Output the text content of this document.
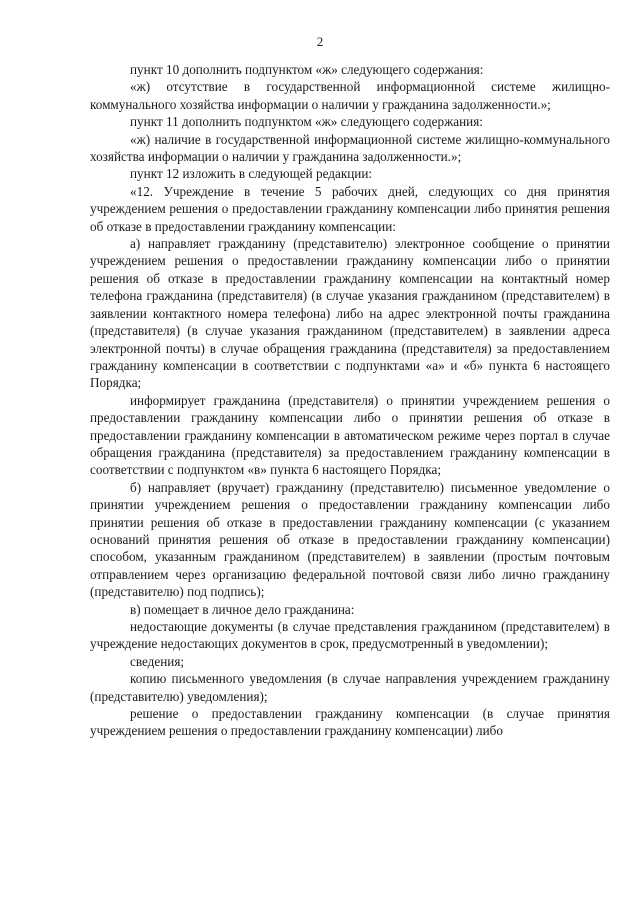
2

пункт 10 дополнить подпунктом «ж» следующего содержания:

«ж) отсутствие в государственной информационной системе жилищно-коммунального хозяйства информации о наличии у гражданина задолженности.»;

пункт 11 дополнить подпунктом «ж» следующего содержания:

«ж) наличие в государственной информационной системе жилищно-коммунального хозяйства информации о наличии у гражданина задолженности.»;

пункт 12 изложить в следующей редакции:

«12. Учреждение в течение 5 рабочих дней, следующих со дня принятия учреждением решения о предоставлении гражданину компенсации либо принятия решения об отказе в предоставлении гражданину компенсации:

а) направляет гражданину (представителю) электронное сообщение о принятии учреждением решения о предоставлении гражданину компенсации либо о принятии решения об отказе в предоставлении гражданину компенсации на контактный номер телефона гражданина (представителя) (в случае указания гражданином (представителем) в заявлении контактного номера телефона) либо на адрес электронной почты гражданина (представителя) (в случае указания гражданином (представителем) в заявлении адреса электронной почты) в случае обращения гражданина (представителя) за предоставлением гражданину компенсации в соответствии с подпунктами «а» и «б» пункта 6 настоящего Порядка;

информирует гражданина (представителя) о принятии учреждением решения о предоставлении гражданину компенсации либо о принятии решения об отказе в предоставлении гражданину компенсации в автоматическом режиме через портал в случае обращения гражданина (представителя) за предоставлением гражданину компенсации в соответствии с подпунктом «в» пункта 6 настоящего Порядка;

б) направляет (вручает) гражданину (представителю) письменное уведомление о принятии учреждением решения о предоставлении гражданину компенсации либо принятии решения об отказе в предоставлении гражданину компенсации (с указанием оснований принятия решения об отказе в предоставлении гражданину компенсации) способом, указанным гражданином (представителем) в заявлении (простым почтовым отправлением через организацию федеральной почтовой связи либо лично гражданину (представителю) под подпись);

в) помещает в личное дело гражданина:

недостающие документы (в случае представления гражданином (представителем) в учреждение недостающих документов в срок, предусмотренный в уведомлении);

сведения;

копию письменного уведомления (в случае направления учреждением гражданину (представителю) уведомления);

решение о предоставлении гражданину компенсации (в случае принятия учреждением решения о предоставлении гражданину компенсации) либо
